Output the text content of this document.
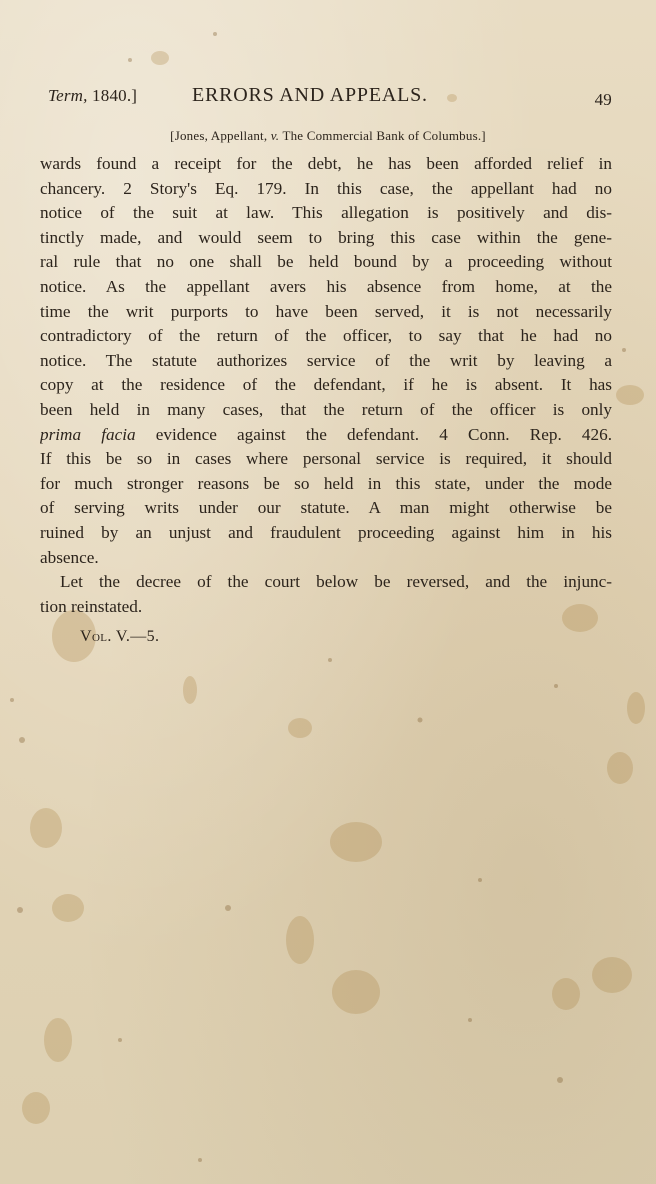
Term, 1840.]	ERRORS AND APPEALS.	49
[Jones, Appellant, v. The Commercial Bank of Columbus.]
wards found a receipt for the debt, he has been afforded relief in
chancery. 2 Story's Eq. 179. In this case, the appellant had no
notice of the suit at law. This allegation is positively and dis-
tinctly made, and would seem to bring this case within the gene-
ral rule that no one shall be held bound by a proceeding without
notice. As the appellant avers his absence from home, at the
time the writ purports to have been served, it is not necessarily
contradictory of the return of the officer, to say that he had no
notice. The statute authorizes service of the writ by leaving a
copy at the residence of the defendant, if he is absent. It has
been held in many cases, that the return of the officer is only
prima facia evidence against the defendant. 4 Conn. Rep. 426.
If this be so in cases where personal service is required, it should
for much stronger reasons be so held in this state, under the mode
of serving writs under our statute. A man might otherwise be
ruined by an unjust and fraudulent proceeding against him in his
absence.
Let the decree of the court below be reversed, and the injunc-
tion reinstated.
Vol. V.—5.
